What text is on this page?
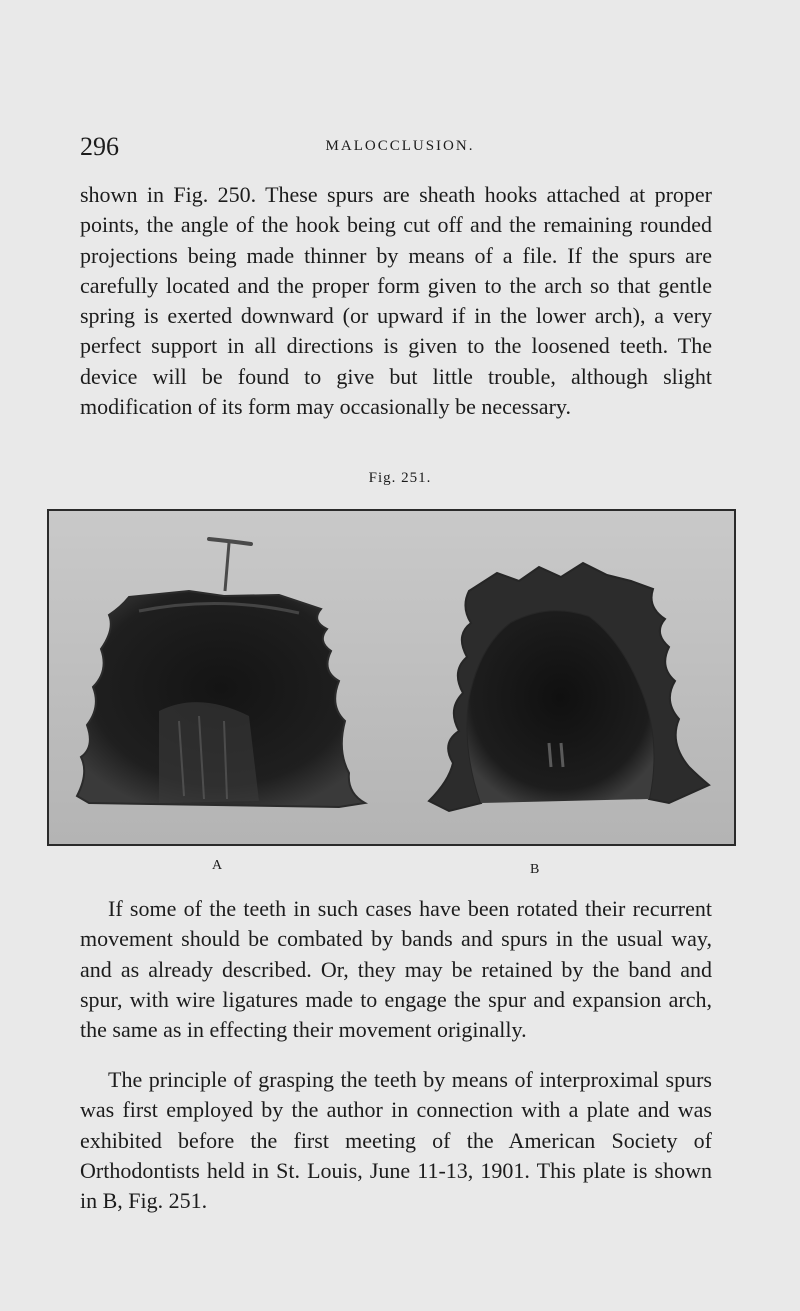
296	MALOCCLUSION.

shown in Fig. 250. These spurs are sheath hooks attached at proper points, the angle of the hook being cut off and the remaining rounded projections being made thinner by means of a file. If the spurs are carefully located and the proper form given to the arch so that gentle spring is exerted downward (or upward if in the lower arch), a very perfect support in all directions is given to the loosened teeth. The device will be found to give but little trouble, although slight modification of its form may occasionally be necessary.

Fig. 251.
A	B

If some of the teeth in such cases have been rotated their recurrent movement should be combated by bands and spurs in the usual way, and as already described. Or, they may be retained by the band and spur, with wire ligatures made to engage the spur and expansion arch, the same as in effecting their movement originally.

The principle of grasping the teeth by means of interproximal spurs was first employed by the author in connection with a plate and was exhibited before the first meeting of the American Society of Orthodontists held in St. Louis, June 11-13, 1901. This plate is shown in B, Fig. 251.
